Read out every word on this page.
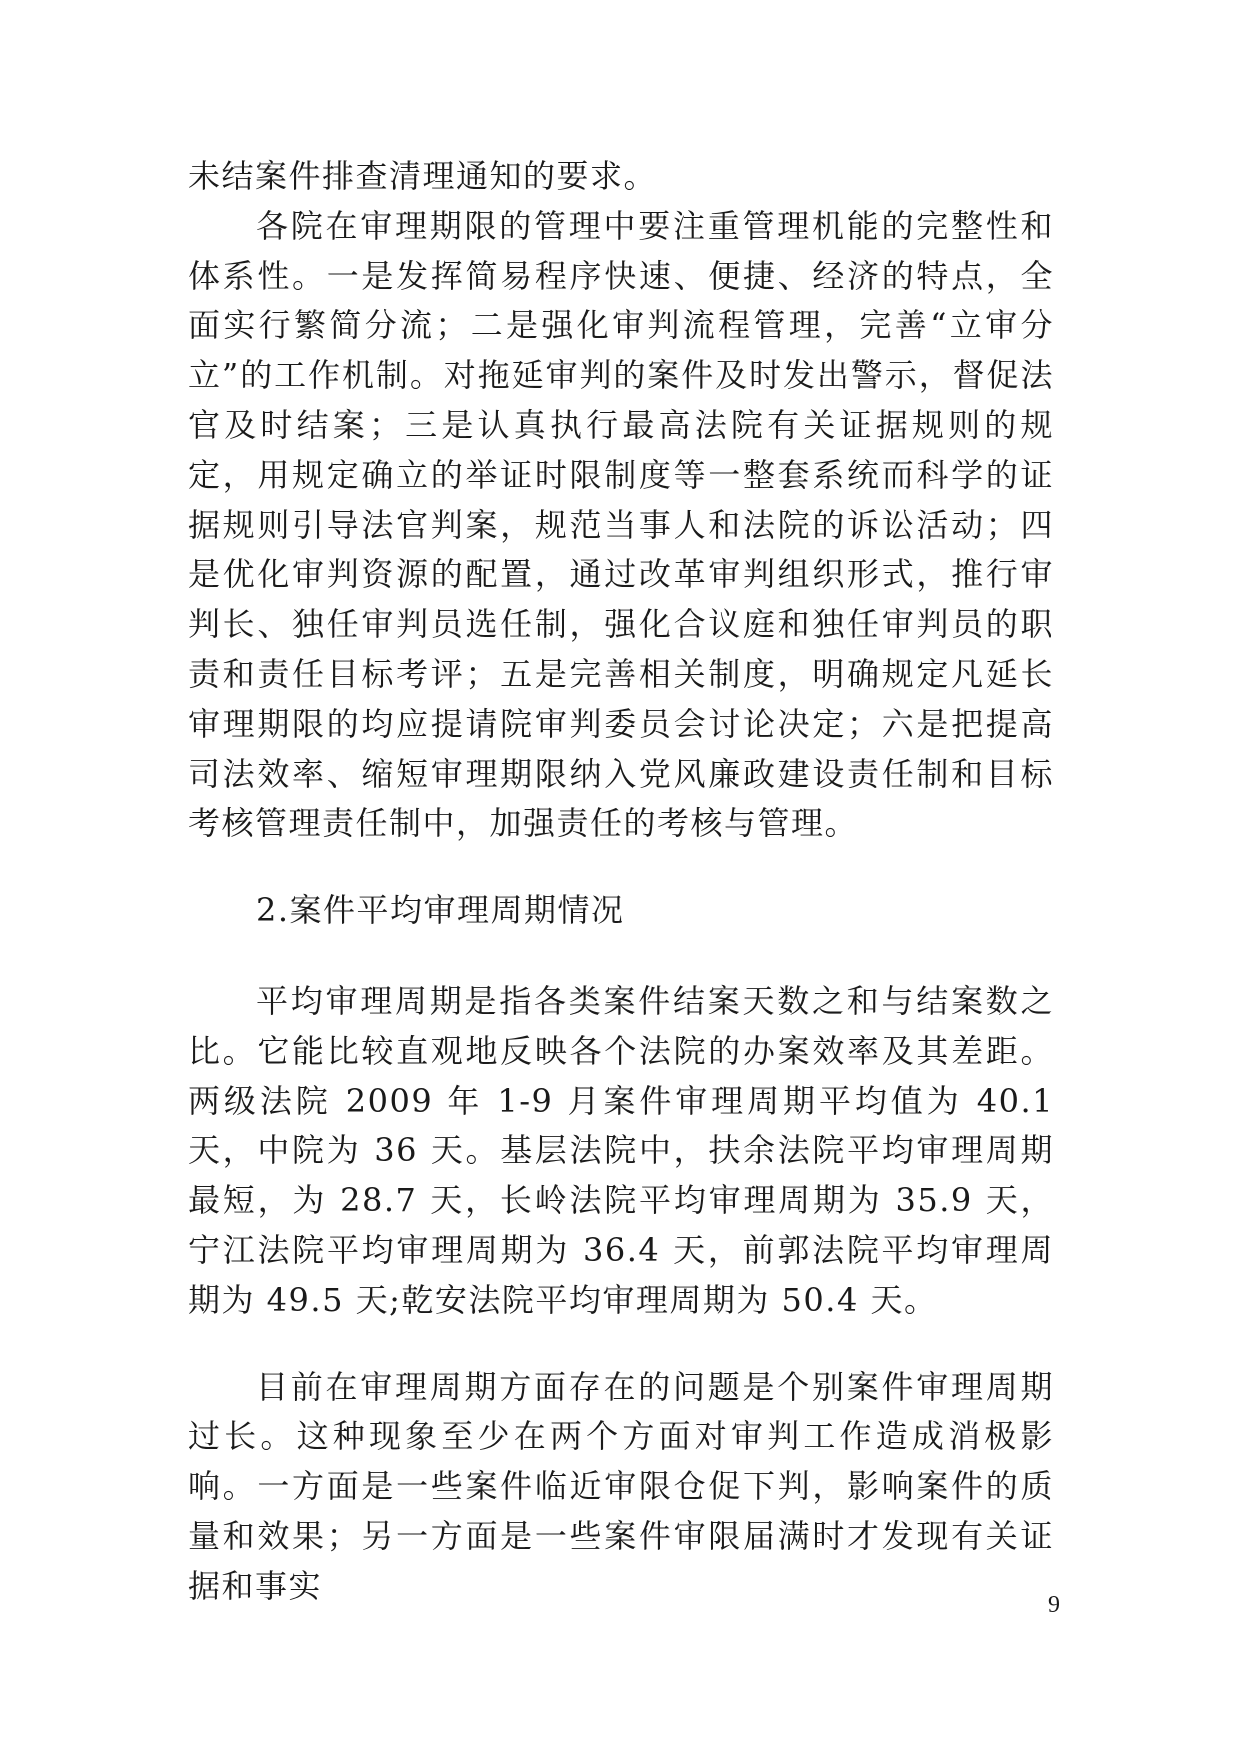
未结案件排查清理通知的要求。

各院在审理期限的管理中要注重管理机能的完整性和体系性。一是发挥简易程序快速、便捷、经济的特点，全面实行繁简分流；二是强化审判流程管理，完善“立审分立”的工作机制。对拖延审判的案件及时发出警示，督促法官及时结案；三是认真执行最高法院有关证据规则的规定，用规定确立的举证时限制度等一整套系统而科学的证据规则引导法官判案，规范当事人和法院的诉讼活动；四是优化审判资源的配置，通过改革审判组织形式，推行审判长、独任审判员选任制，强化合议庭和独任审判员的职责和责任目标考评；五是完善相关制度，明确规定凡延长审理期限的均应提请院审判委员会讨论决定；六是把提高司法效率、缩短审理期限纳入党风廉政建设责任制和目标考核管理责任制中，加强责任的考核与管理。

2.案件平均审理周期情况

平均审理周期是指各类案件结案天数之和与结案数之比。它能比较直观地反映各个法院的办案效率及其差距。两级法院 2009 年 1-9 月案件审理周期平均值为 40.1 天，中院为 36 天。基层法院中，扶余法院平均审理周期最短，为 28.7 天，长岭法院平均审理周期为 35.9 天，宁江法院平均审理周期为 36.4 天，前郭法院平均审理周期为 49.5 天;乾安法院平均审理周期为 50.4 天。

目前在审理周期方面存在的问题是个别案件审理周期过长。这种现象至少在两个方面对审判工作造成消极影响。一方面是一些案件临近审限仓促下判，影响案件的质量和效果；另一方面是一些案件审限届满时才发现有关证据和事实

9
